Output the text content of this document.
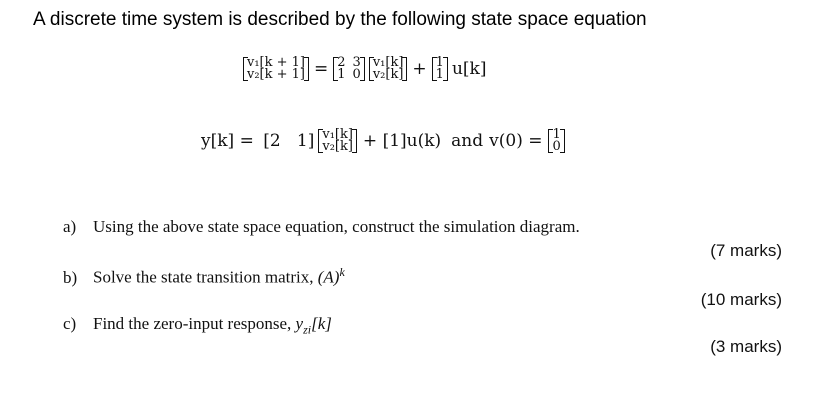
A discrete time system is described by the following state space equation
v₁[k + 1]
v₂[k + 1] = 2
1
3
0
v₁[k]
v₂[k] + 1
1 u[k]
y[k] = [2   1] v₁[k]
v₂[k] + [1]u(k) and v(0) = 1
0
a) Using the above state space equation, construct the simulation diagram.
(7 marks)
b) Solve the state transition matrix, $(A)^k$
(10 marks)
c) Find the zero-input response, $y_{zi}[k]$
(3 marks)
